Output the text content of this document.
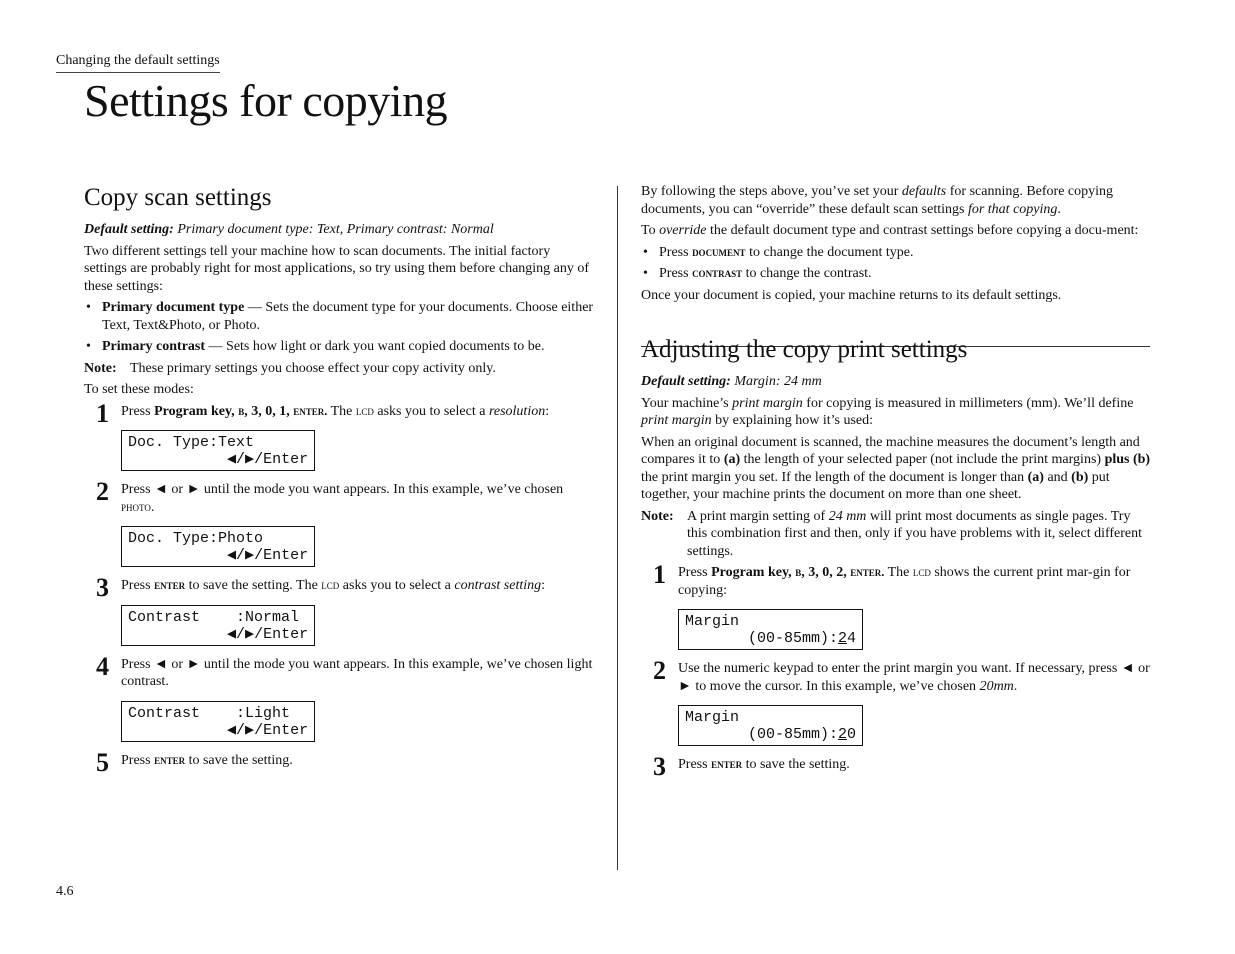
Changing the default settings
Settings for copying
Copy scan settings

Default setting: Primary document type: Text, Primary contrast: Normal

Two different settings tell your machine how to scan documents. The initial factory settings are probably right for most applications, so try using them before changing any of these settings:

• Primary document type — Sets the document type for your documents. Choose either Text, Text&Photo, or Photo.
• Primary contrast — Sets how light or dark you want copied documents to be.
Note: These primary settings you choose effect your copy activity only.

To set these modes:

1 Press Program key, b, 3, 0, 1, enter. The lcd asks you to select a resolution:
Doc. Type:Text
◀/▶/Enter
2 Press ◄ or ► until the mode you want appears. In this example, we’ve chosen photo.
Doc. Type:Photo
◀/▶/Enter
3 Press enter to save the setting. The lcd asks you to select a contrast setting:
Contrast    :Normal
◀/▶/Enter
4 Press ◄ or ► until the mode you want appears. In this example, we’ve chosen light contrast.
Contrast    :Light
◀/▶/Enter
5 Press enter to save the setting.

By following the steps above, you’ve set your defaults for scanning. Before copying documents, you can “override” these default scan settings for that copying.

To override the default document type and contrast settings before copying a docu-ment:

• Press document to change the document type.
• Press contrast to change the contrast.

Once your document is copied, your machine returns to its default settings.

Adjusting the copy print settings

Default setting: Margin: 24 mm

Your machine’s print margin for copying is measured in millimeters (mm). We’ll define print margin by explaining how it’s used:

When an original document is scanned, the machine measures the document’s length and compares it to (a) the length of your selected paper (not include the print margins) plus (b) the print margin you set. If the length of the document is longer than (a) and (b) put together, your machine prints the document on more than one sheet.

Note: A print margin setting of 24 mm will print most documents as single pages. Try this combination first and then, only if you have problems with it, select different settings.
1 Press Program key, b, 3, 0, 2, enter. The lcd shows the current print mar-gin for copying:
Margin
(00-85mm):24
2 Use the numeric keypad to enter the print margin you want. If necessary, press ◄ or ► to move the cursor. In this example, we’ve chosen 20mm.
Margin
(00-85mm):20
3 Press enter to save the setting.
4.6
